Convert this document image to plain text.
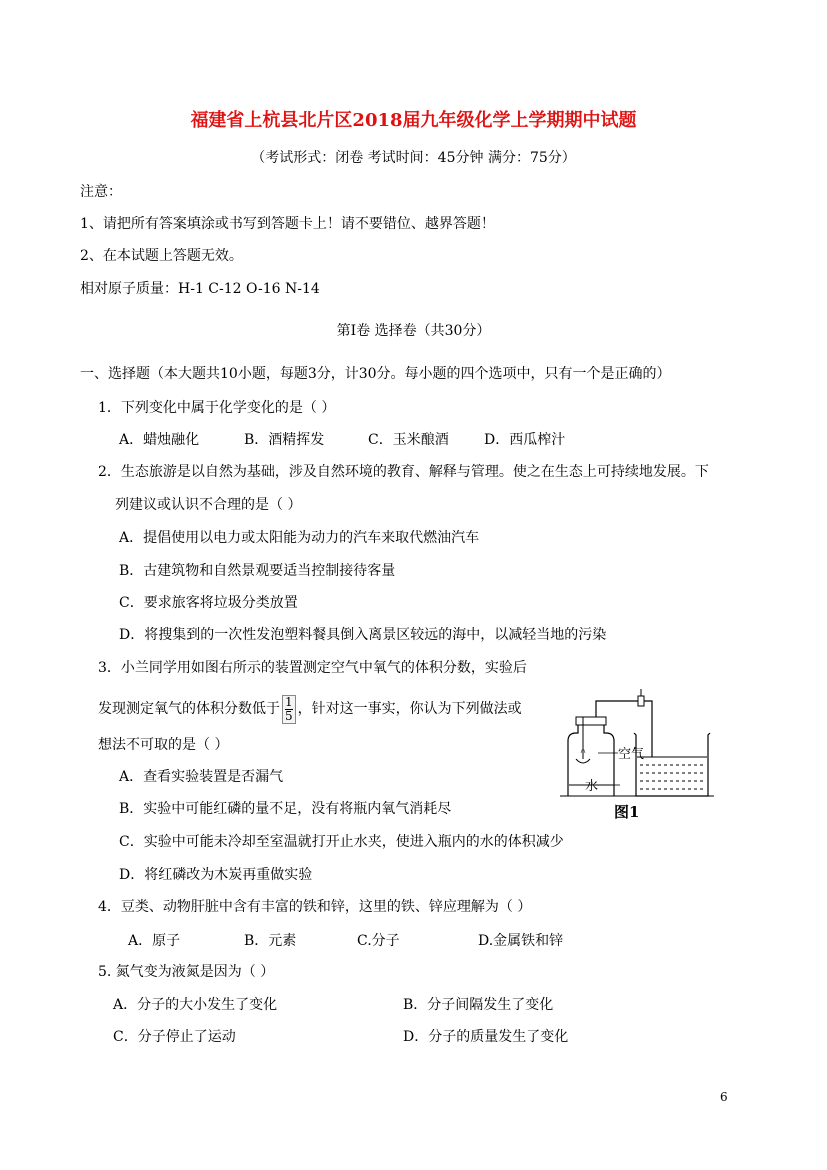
福建省上杭县北片区2018届九年级化学上学期期中试题
（考试形式：闭卷 考试时间：45分钟 满分：75分）
注意：
1、请把所有答案填涂或书写到答题卡上！请不要错位、越界答题！
2、在本试题上答题无效。
相对原子质量：H-1 C-12 O-16 N-14
第Ⅰ卷 选择卷（共30分）
一、选择题（本大题共10小题，每题3分，计30分。每小题的四个选项中，只有一个是正确的）
1．下列变化中属于化学变化的是（ ）
A．蜡烛融化	B．酒精挥发	C．玉米酿酒	D．西瓜榨汁
2．生态旅游是以自然为基础，涉及自然环境的教育、解释与管理。使之在生态上可持续地发展。下
列建议或认识不合理的是（ ）
A．提倡使用以电力或太阳能为动力的汽车来取代燃油汽车
B．古建筑物和自然景观要适当控制接待客量
C．要求旅客将垃圾分类放置
D．将搜集到的一次性发泡塑料餐具倒入离景区较远的海中，以减轻当地的污染
3．小兰同学用如图右所示的装置测定空气中氧气的体积分数，实验后
发现测定氧气的体积分数低于 $\frac{1}{5}$ ，针对这一事实，你认为下列做法或
想法不可取的是（ ）
A．查看实验装置是否漏气
B．实验中可能红磷的量不足，没有将瓶内氧气消耗尽
C．实验中可能未冷却至室温就打开止水夹，使进入瓶内的水的体积减少
D．将红磷改为木炭再重做实验
空气
水
图1
4．豆类、动物肝脏中含有丰富的铁和锌，这里的铁、锌应理解为（ ）
A．原子	B．元素	C.分子	D.金属铁和锌
5. 氮气变为液氮是因为（ ）
A．分子的大小发生了变化	B．分子间隔发生了变化
C．分子停止了运动	D．分子的质量发生了变化
6
